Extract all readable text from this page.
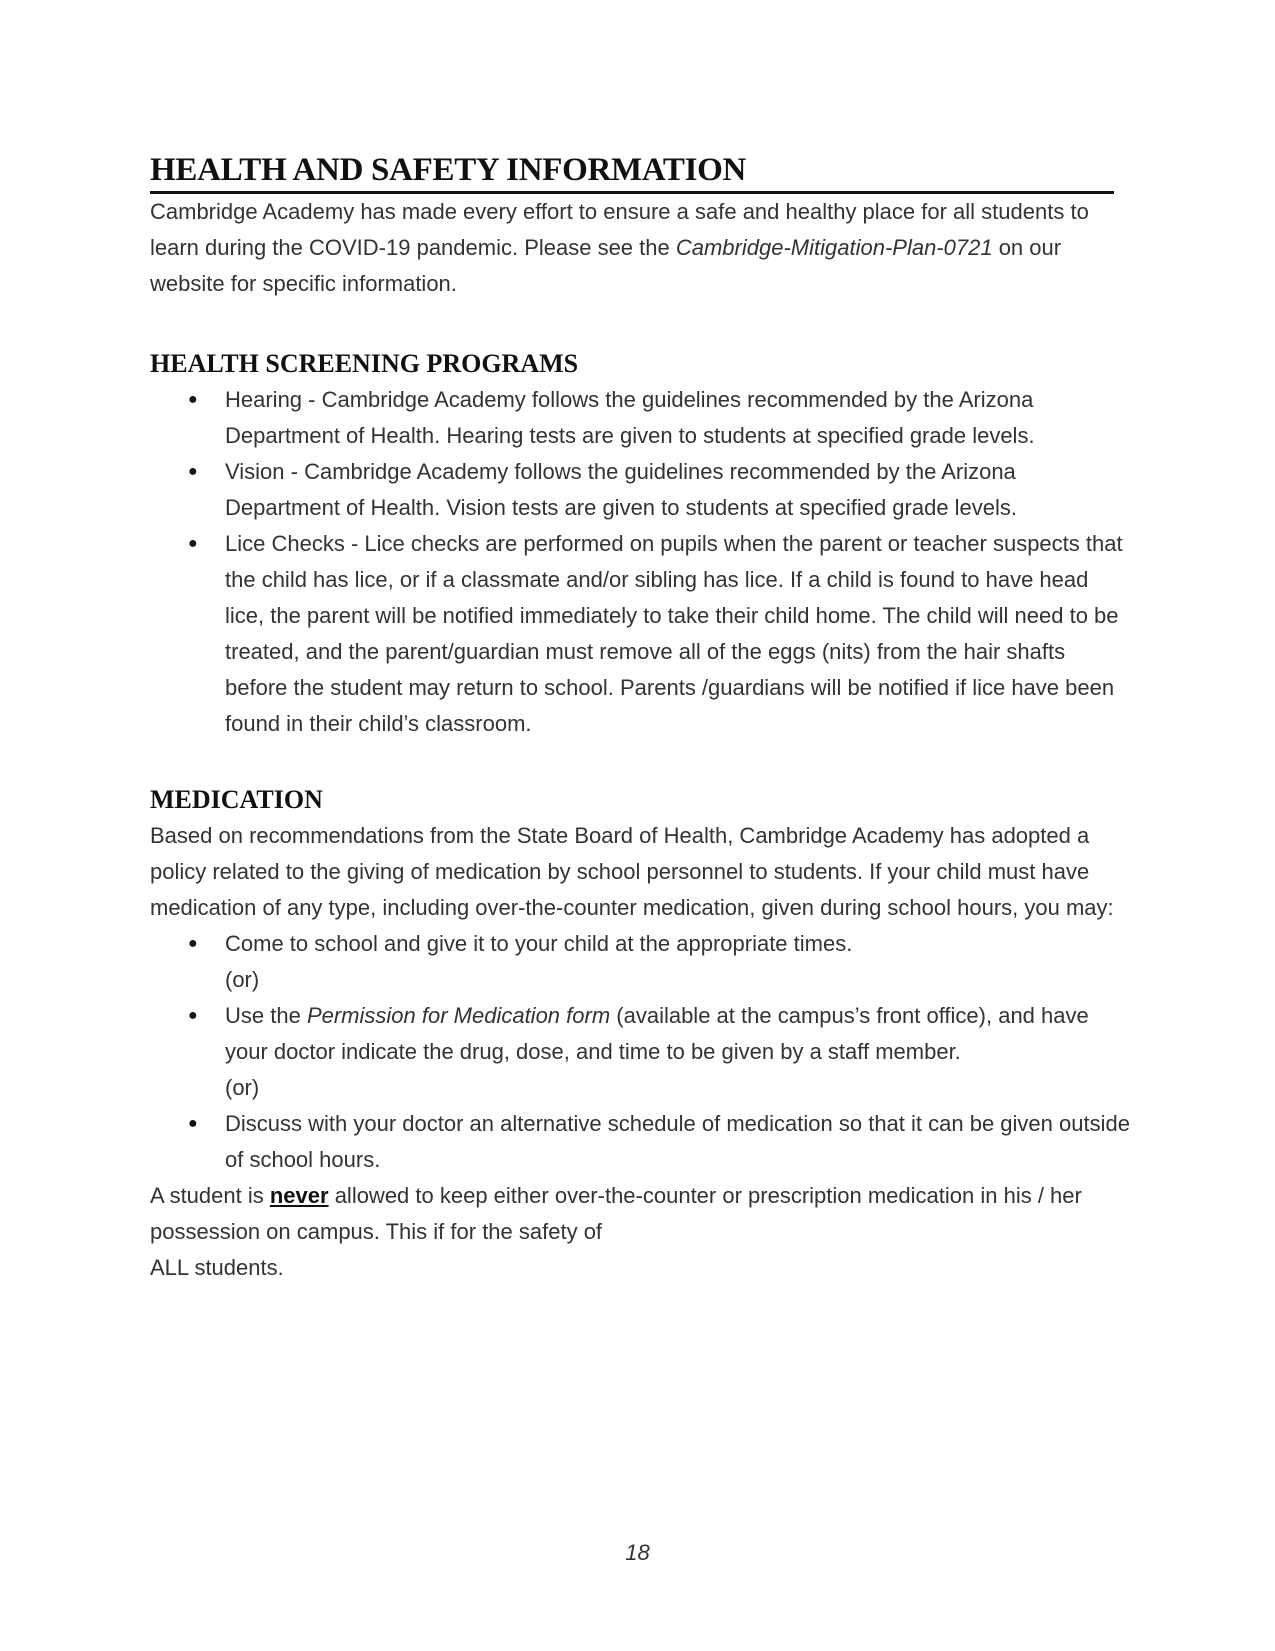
HEALTH AND SAFETY INFORMATION

Cambridge Academy has made every effort to ensure a safe and healthy place for all students to learn during the COVID-19 pandemic. Please see the Cambridge-Mitigation-Plan-0721 on our website for specific information.

HEALTH SCREENING PROGRAMS
● Hearing - Cambridge Academy follows the guidelines recommended by the Arizona Department of Health. Hearing tests are given to students at specified grade levels.
● Vision - Cambridge Academy follows the guidelines recommended by the Arizona Department of Health. Vision tests are given to students at specified grade levels.
● Lice Checks - Lice checks are performed on pupils when the parent or teacher suspects that the child has lice, or if a classmate and/or sibling has lice. If a child is found to have head lice, the parent will be notified immediately to take their child home. The child will need to be treated, and the parent/guardian must remove all of the eggs (nits) from the hair shafts before the student may return to school. Parents /guardians will be notified if lice have been found in their child’s classroom.
MEDICATION

Based on recommendations from the State Board of Health, Cambridge Academy has adopted a policy related to the giving of medication by school personnel to students. If your child must have medication of any type, including over-the-counter medication, given during school hours, you may:

● Come to school and give it to your child at the appropriate times.
(or)
● Use the Permission for Medication form (available at the campus’s front office), and have your doctor indicate the drug, dose, and time to be given by a staff member.
(or)
● Discuss with your doctor an alternative schedule of medication so that it can be given outside of school hours.

A student is never allowed to keep either over-the-counter or prescription medication in his / her possession on campus. This if for the safety of
ALL students.

18
